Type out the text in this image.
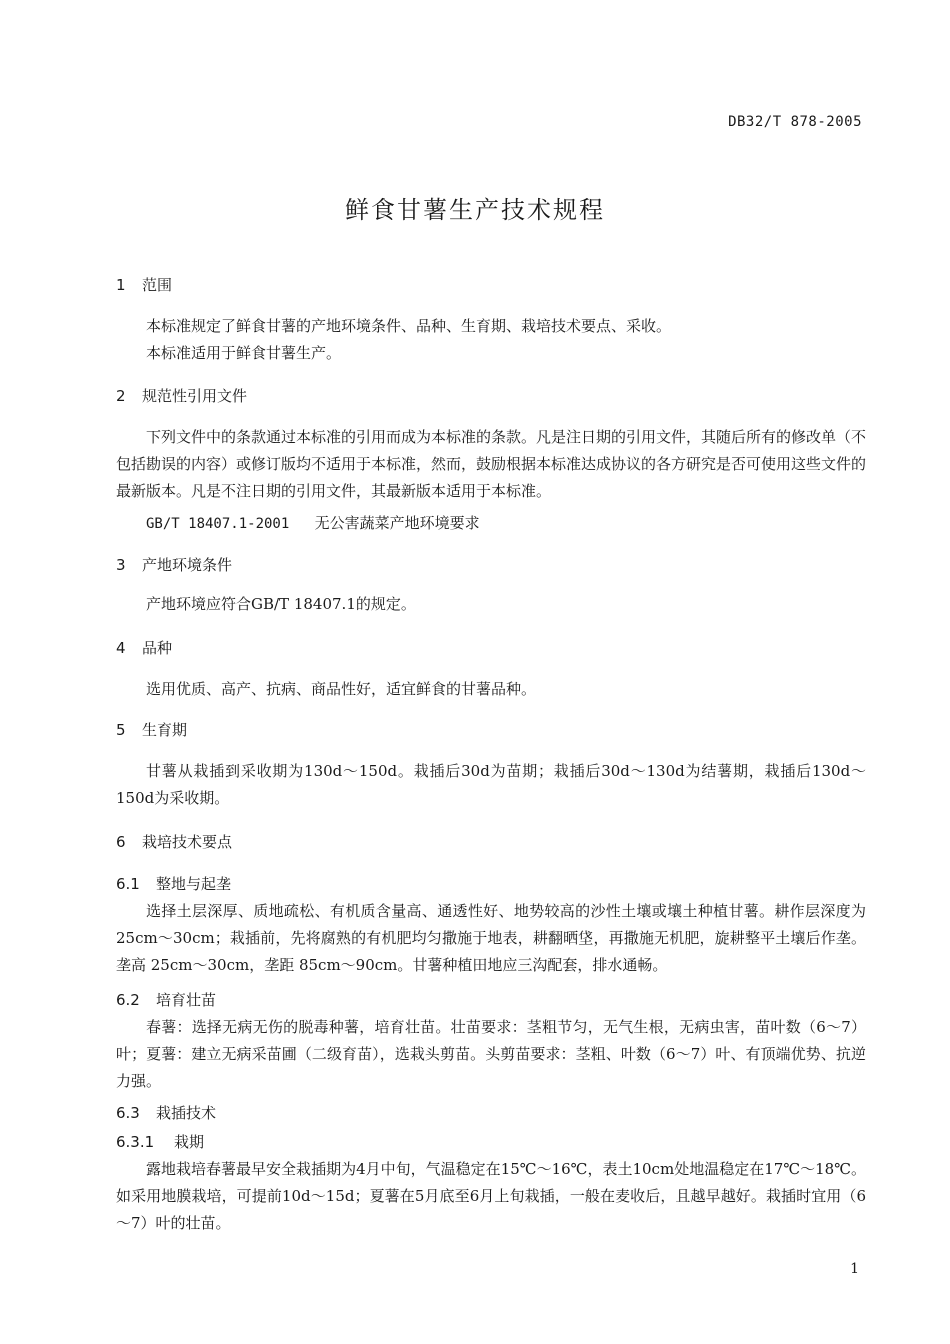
DB32/T 878-2005
鲜食甘薯生产技术规程
1 范围
本标准规定了鲜食甘薯的产地环境条件、品种、生育期、栽培技术要点、采收。
本标准适用于鲜食甘薯生产。
2 规范性引用文件
下列文件中的条款通过本标准的引用而成为本标准的条款。凡是注日期的引用文件，其随后所有的修改单（不包括勘误的内容）或修订版均不适用于本标准，然而，鼓励根据本标准达成协议的各方研究是否可使用这些文件的最新版本。凡是不注日期的引用文件，其最新版本适用于本标准。
GB/T 18407.1-2001 无公害蔬菜产地环境要求
3 产地环境条件
产地环境应符合GB/T 18407.1的规定。
4 品种
选用优质、高产、抗病、商品性好，适宜鲜食的甘薯品种。
5 生育期
甘薯从栽插到采收期为130d～150d。栽插后30d为苗期；栽插后30d～130d为结薯期，栽插后130d～150d为采收期。
6 栽培技术要点
6.1 整地与起垄
选择土层深厚、质地疏松、有机质含量高、通透性好、地势较高的沙性土壤或壤土种植甘薯。耕作层深度为 25cm～30cm；栽插前，先将腐熟的有机肥均匀撒施于地表，耕翻晒垡，再撒施无机肥，旋耕整平土壤后作垄。垄高 25cm～30cm，垄距 85cm～90cm。甘薯种植田地应三沟配套，排水通畅。
6.2 培育壮苗
春薯：选择无病无伤的脱毒种薯，培育壮苗。壮苗要求：茎粗节匀，无气生根，无病虫害，苗叶数（6～7）叶；夏薯：建立无病采苗圃（二级育苗），选栽头剪苗。头剪苗要求：茎粗、叶数（6～7）叶、有顶端优势、抗逆力强。
6.3 栽插技术
6.3.1 栽期
露地栽培春薯最早安全栽插期为4月中旬，气温稳定在15℃～16℃，表土10cm处地温稳定在17℃～18℃。如采用地膜栽培，可提前10d～15d；夏薯在5月底至6月上旬栽插，一般在麦收后，且越早越好。栽插时宜用（6～7）叶的壮苗。
1
